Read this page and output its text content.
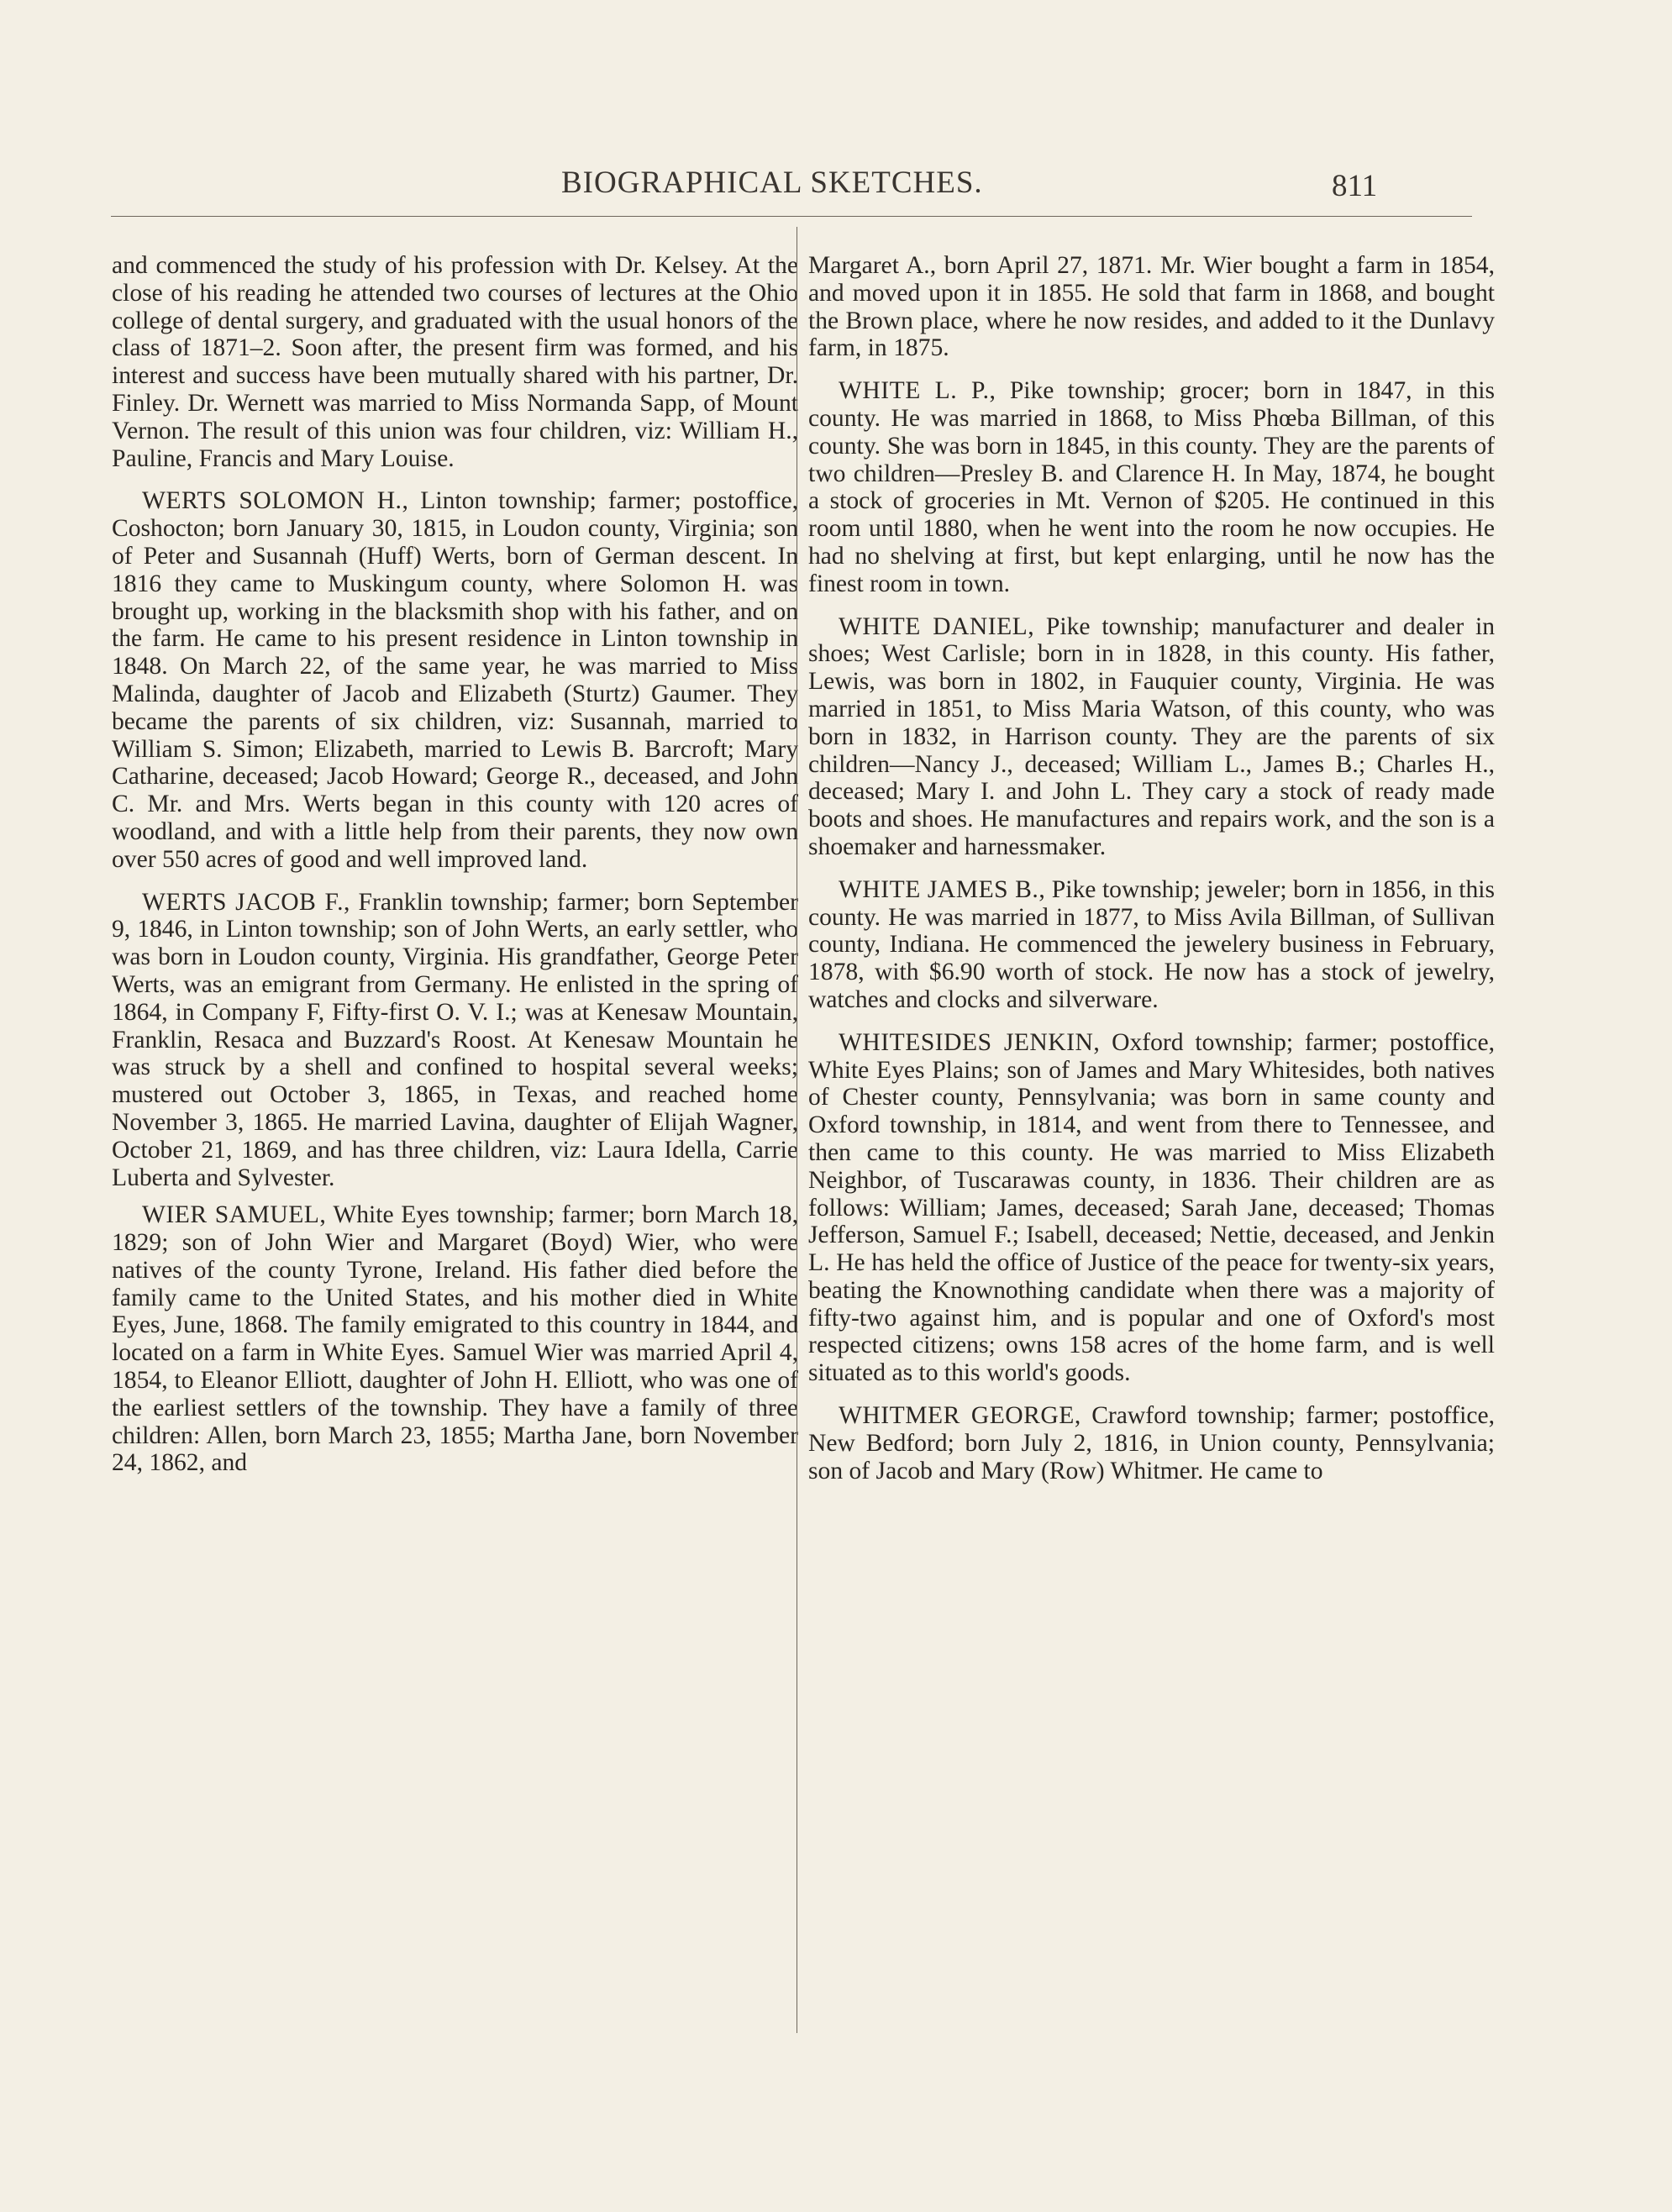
BIOGRAPHICAL SKETCHES.	811

and commenced the study of his profession with Dr. Kelsey. At the close of his reading he attended two courses of lectures at the Ohio college of dental surgery, and graduated with the usual honors of the class of 1871–2. Soon after, the present firm was formed, and his interest and success have been mutually shared with his partner, Dr. Finley. Dr. Wernett was married to Miss Normanda Sapp, of Mount Vernon. The result of this union was four children, viz: William H., Pauline, Francis and Mary Louise.

WERTS SOLOMON H., Linton township; farmer; postoffice, Coshocton; born January 30, 1815, in Loudon county, Virginia; son of Peter and Susannah (Huff) Werts, born of German descent. In 1816 they came to Muskingum county, where Solomon H. was brought up, working in the blacksmith shop with his father, and on the farm. He came to his present residence in Linton township in 1848. On March 22, of the same year, he was married to Miss Malinda, daughter of Jacob and Elizabeth (Sturtz) Gaumer. They became the parents of six children, viz: Susannah, married to William S. Simon; Elizabeth, married to Lewis B. Barcroft; Mary Catharine, deceased; Jacob Howard; George R., deceased, and John C. Mr. and Mrs. Werts began in this county with 120 acres of woodland, and with a little help from their parents, they now own over 550 acres of good and well improved land.

WERTS JACOB F., Franklin township; farmer; born September 9, 1846, in Linton township; son of John Werts, an early settler, who was born in Loudon county, Virginia. His grandfather, George Peter Werts, was an emigrant from Germany. He enlisted in the spring of 1864, in Company F, Fifty-first O. V. I.; was at Kenesaw Mountain, Franklin, Resaca and Buzzard's Roost. At Kenesaw Mountain he was struck by a shell and confined to hospital several weeks; mustered out October 3, 1865, in Texas, and reached home November 3, 1865. He married Lavina, daughter of Elijah Wagner, October 21, 1869, and has three children, viz: Laura Idella, Carrie Luberta and Sylvester.

WIER SAMUEL, White Eyes township; farmer; born March 18, 1829; son of John Wier and Margaret (Boyd) Wier, who were natives of the county Tyrone, Ireland. His father died before the family came to the United States, and his mother died in White Eyes, June, 1868. The family emigrated to this country in 1844, and located on a farm in White Eyes. Samuel Wier was married April 4, 1854, to Eleanor Elliott, daughter of John H. Elliott, who was one of the earliest settlers of the township. They have a family of three children: Allen, born March 23, 1855; Martha Jane, born November 24, 1862, and

Margaret A., born April 27, 1871. Mr. Wier bought a farm in 1854, and moved upon it in 1855. He sold that farm in 1868, and bought the Brown place, where he now resides, and added to it the Dunlavy farm, in 1875.

WHITE L. P., Pike township; grocer; born in 1847, in this county. He was married in 1868, to Miss Phœba Billman, of this county. She was born in 1845, in this county. They are the parents of two children—Presley B. and Clarence H. In May, 1874, he bought a stock of groceries in Mt. Vernon of $205. He continued in this room until 1880, when he went into the room he now occupies. He had no shelving at first, but kept enlarging, until he now has the finest room in town.

WHITE DANIEL, Pike township; manufacturer and dealer in shoes; West Carlisle; born in in 1828, in this county. His father, Lewis, was born in 1802, in Fauquier county, Virginia. He was married in 1851, to Miss Maria Watson, of this county, who was born in 1832, in Harrison county. They are the parents of six children—Nancy J., deceased; William L., James B.; Charles H., deceased; Mary I. and John L. They cary a stock of ready made boots and shoes. He manufactures and repairs work, and the son is a shoemaker and harnessmaker.

WHITE JAMES B., Pike township; jeweler; born in 1856, in this county. He was married in 1877, to Miss Avila Billman, of Sullivan county, Indiana. He commenced the jewelery business in February, 1878, with $6.90 worth of stock. He now has a stock of jewelry, watches and clocks and silverware.

WHITESIDES JENKIN, Oxford township; farmer; postoffice, White Eyes Plains; son of James and Mary Whitesides, both natives of Chester county, Pennsylvania; was born in same county and Oxford township, in 1814, and went from there to Tennessee, and then came to this county. He was married to Miss Elizabeth Neighbor, of Tuscarawas county, in 1836. Their children are as follows: William; James, deceased; Sarah Jane, deceased; Thomas Jefferson, Samuel F.; Isabell, deceased; Nettie, deceased, and Jenkin L. He has held the office of Justice of the peace for twenty-six years, beating the Knownothing candidate when there was a majority of fifty-two against him, and is popular and one of Oxford's most respected citizens; owns 158 acres of the home farm, and is well situated as to this world's goods.

WHITMER GEORGE, Crawford township; farmer; postoffice, New Bedford; born July 2, 1816, in Union county, Pennsylvania; son of Jacob and Mary (Row) Whitmer. He came to
